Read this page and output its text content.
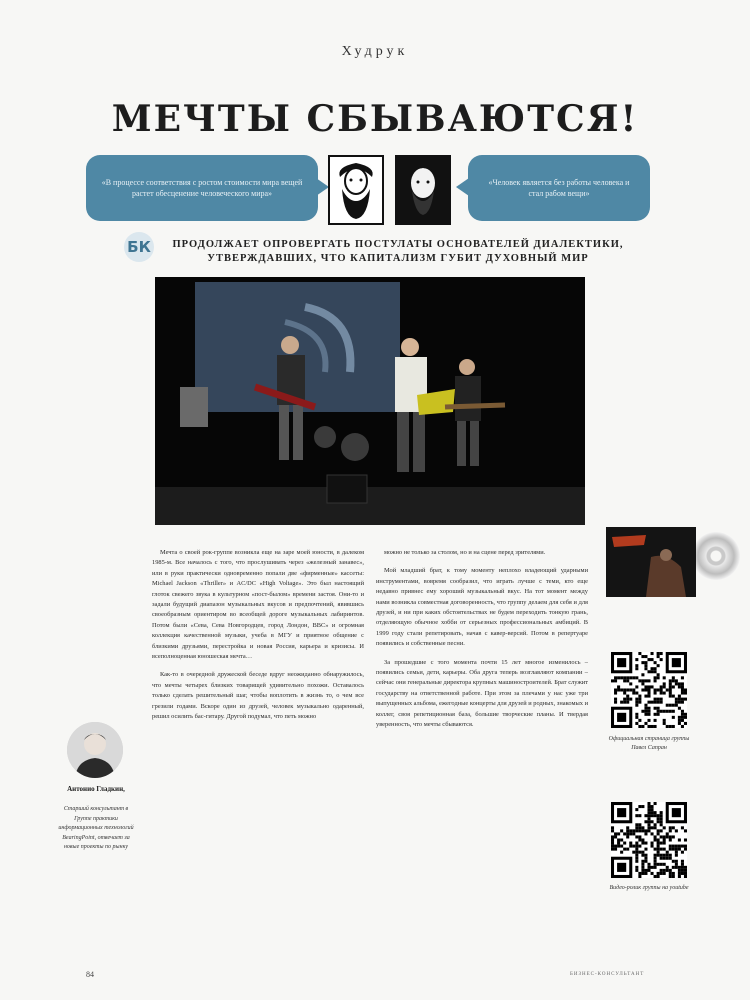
Худрук
МЕЧТЫ СБЫВАЮТСЯ!
«В процессе соответствия с ростом стоимости мира вещей растет обесценение человеческого мира»
«Человек является без работы человека и стал рабом вещи»
БК	ПРОДОЛЖАЕТ ОПРОВЕРГАТЬ ПОСТУЛАТЫ ОСНОВАТЕЛЕЙ ДИАЛЕКТИКИ, УТВЕРЖДАВШИХ, ЧТО КАПИТАЛИЗМ ГУБИТ ДУХОВНЫЙ МИР

Мечта о своей рок-группе возникла еще на заре моей юности, в далеком 1985-м. Все началось с того, что прослушивать через «железный занавес», или в руки практически одновременно попали две «фирменные» кассеты: Michael Jackson «Thriller» и AC/DC «High Voltage». Это был настоящий глоток свежего звука в культурном «пост-былом» времени застоя. Они-то и задали будущий диапазон музыкальных вкусов и предпочтений, явившись своеобразным ориентиром во всеобщей дороге музыкальных лабиринтов. Потом были «Сева, Сева Новгородцев, город Лондон, BBC» и огромная коллекция качественной музыки, учеба в МГУ и приятное общение с близкими друзьями, перестройка и новая Россия, карьера и кризисы. И всеполноценная юношеская мечта…

Как-то в очередной дружеской беседе вдруг неожиданно обнаружилось, что мечты четырех близких товарищей удивительно похожи. Оставалось только сделать решительный шаг, чтобы воплотить в жизнь то, о чем все грезили годами. Вскоре один из друзей, человек музыкально одаренный, решил осилить бас-гитару. Другой подумал, что петь можно

можно не только за столом, но и на сцене перед зрителями.

Мой младший брат, к тому моменту неплохо владеющий ударными инструментами, вовремя сообразил, что играть лучше с теми, кто еще недавно привнес ему хороший музыкальный вкус. На тот момент между нами возникла совместная договоренность, что группу делаем для себя и для друзей, и ни при каких обстоятельствах не будем переходить тонкую грань, отделяющую обычное хобби от серьезных профессиональных амбиций. В 1999 году стали репетировать, начав с кавер-версий. Потом в репертуаре появились и собственные песни.

За прошедшие с того момента почти 15 лет многое изменилось – появились семьи, дети, карьеры. Оба друга теперь возглавляют компании – сейчас они генеральные директора крупных машиностроителей. Брат служит государству на ответственной работе. При этом за плечами у нас уже три выпущенных альбома, ежегодные концерты для друзей и родных, знакомых и коллег, своя репетиционная база, большие творческие планы. И твердая уверенность, что мечты сбываются.

Антонио Гладкин,
Старший консультант в Группе практики информационных технологий BearingPoint, отвечает за новые проекты по рынку
Официальная страница группы Павел Сапран
Видео-ролик группы на youtube
84	БИЗНЕС-КОНСУЛЬТАНТ
